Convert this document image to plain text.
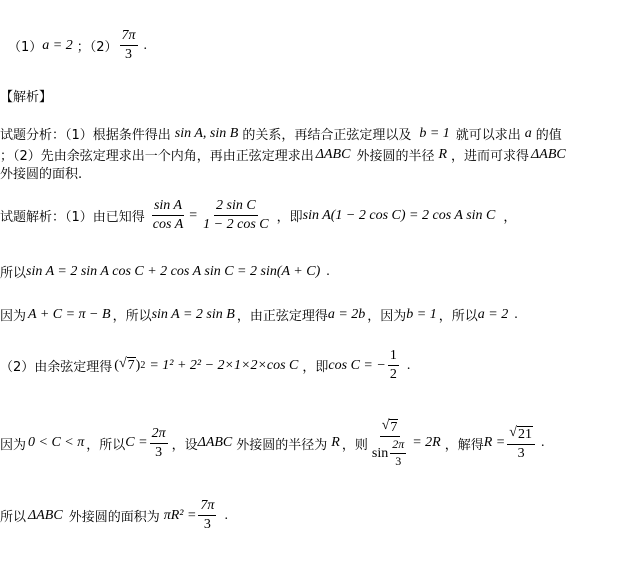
（1） a = 2 ；$(2) \frac{7\pi}{3}$ .
【解析】
试题分析：（1）根据条件得出 sin A, sin B 的关系，再结合正弦定理以及 b = 1 就可以求出 a 的值
；（2）先由余弦定理求出一个内角，再由正弦定理求出 ΔABC 外接圆的半径 R ，进而可求得 ΔABC
外接圆的面积.
试题解析：（1）由已知得 $\frac{\text{sin A}}{\text{cos A}} = \frac{\text{2 sin C}}{\text{1 − 2 cos C}}$ ，即 sin A(1 − 2 cos C) = 2 cos A sin C ，
所以 sin A = 2 sin A cos C + 2 cos A sin C = 2 sin(A + C) .
因为 A + C = π − B ，所以 sin A = 2 sin B ，由正弦定理得 a = 2b ，因为 b = 1 ，所以 a = 2 .
（2）由余弦定理得 ( √ 7 ) 2 = 1² + 2² − 2×1×2×cos C ，即 cos C = − $\frac{1}{2}$ .
因为 0 < C < π ，所以 $C = \frac{2\pi}{3}$ ，设 ΔABC 外接圆的半径为 R ，则 $\frac{√ 7}{\sin \frac{2\pi}{3}} = 2R$ ，解得 $R = \frac{√ 21}{3}$ .
所以 ΔABC 外接圆的面积为 $\pi R^2 = \frac{7\pi}{3}$ .
